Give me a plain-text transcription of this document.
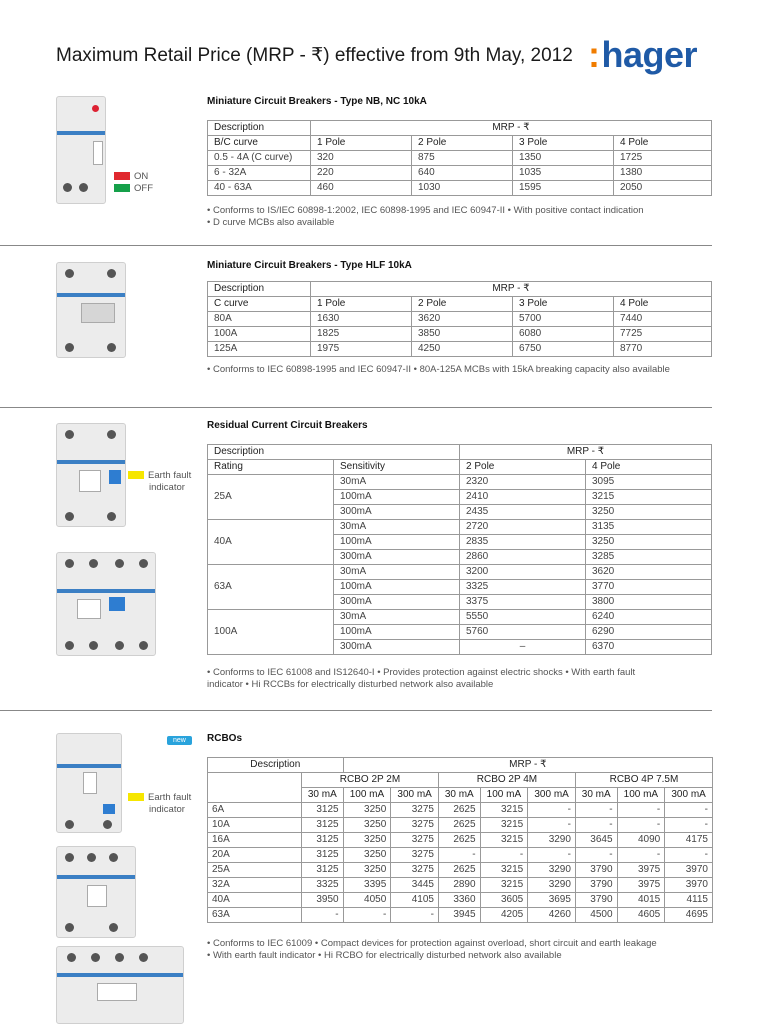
Maximum Retail Price (MRP - ₹) effective from 9th May, 2012 :hager
ON
OFF
Miniature Circuit Breakers - Type NB, NC 10kA
Description	MRP - ₹			
B/C curve	1 Pole	2 Pole	3 Pole	4 Pole
0.5 - 4A (C curve)	320	875	1350	1725
6 - 32A	220	640	1035	1380
40 - 63A	460	1030	1595	2050
• Conforms to IS/IEC 60898-1:2002, IEC 60898-1995 and IEC 60947-II • With positive contact indication
• D curve MCBs also available
Miniature Circuit Breakers - Type HLF 10kA
Description	MRP - ₹			
C curve	1 Pole	2 Pole	3 Pole	4 Pole
80A	1630	3620	5700	7440
100A	1825	3850	6080	7725
125A	1975	4250	6750	8770
• Conforms to IEC 60898-1995 and IEC 60947-II • 80A-125A MCBs with 15kA breaking capacity also available
Earth fault
indicator
Residual Current Circuit Breakers
Description		MRP - ₹	
Rating	Sensitivity	2 Pole	4 Pole
25A	30mA	2320	3095
	100mA	2410	3215
	300mA	2435	3250
40A	30mA	2720	3135
	100mA	2835	3250
	300mA	2860	3285
63A	30mA	3200	3620
	100mA	3325	3770
	300mA	3375	3800
100A	30mA	5550	6240
	100mA	5760	6290
	300mA	–	6370
• Conforms to IEC 61008 and IS12640-I • Provides protection against electric shocks • With earth fault
indicator • Hi RCCBs for electrically disturbed network also available
new
Earth fault
indicator
RCBOs
Description		MRP - ₹							
	RCBO 2P 2M			RCBO 2P 4M			RCBO 4P 7.5M		
	30 mA	100 mA	300 mA	30 mA	100 mA	300 mA	30 mA	100 mA	300 mA
6A	3125	3250	3275	2625	3215	-	-	-	-
10A	3125	3250	3275	2625	3215	-	-	-	-
16A	3125	3250	3275	2625	3215	3290	3645	4090	4175
20A	3125	3250	3275	-	-	-	-	-	-
25A	3125	3250	3275	2625	3215	3290	3790	3975	3970
32A	3325	3395	3445	2890	3215	3290	3790	3975	3970
40A	3950	4050	4105	3360	3605	3695	3790	4015	4115
63A	-	-	-	3945	4205	4260	4500	4605	4695
• Conforms to IEC 61009 • Compact devices for protection against overload, short circuit and earth leakage
• With earth fault indicator • Hi RCBO for electrically disturbed network also available
